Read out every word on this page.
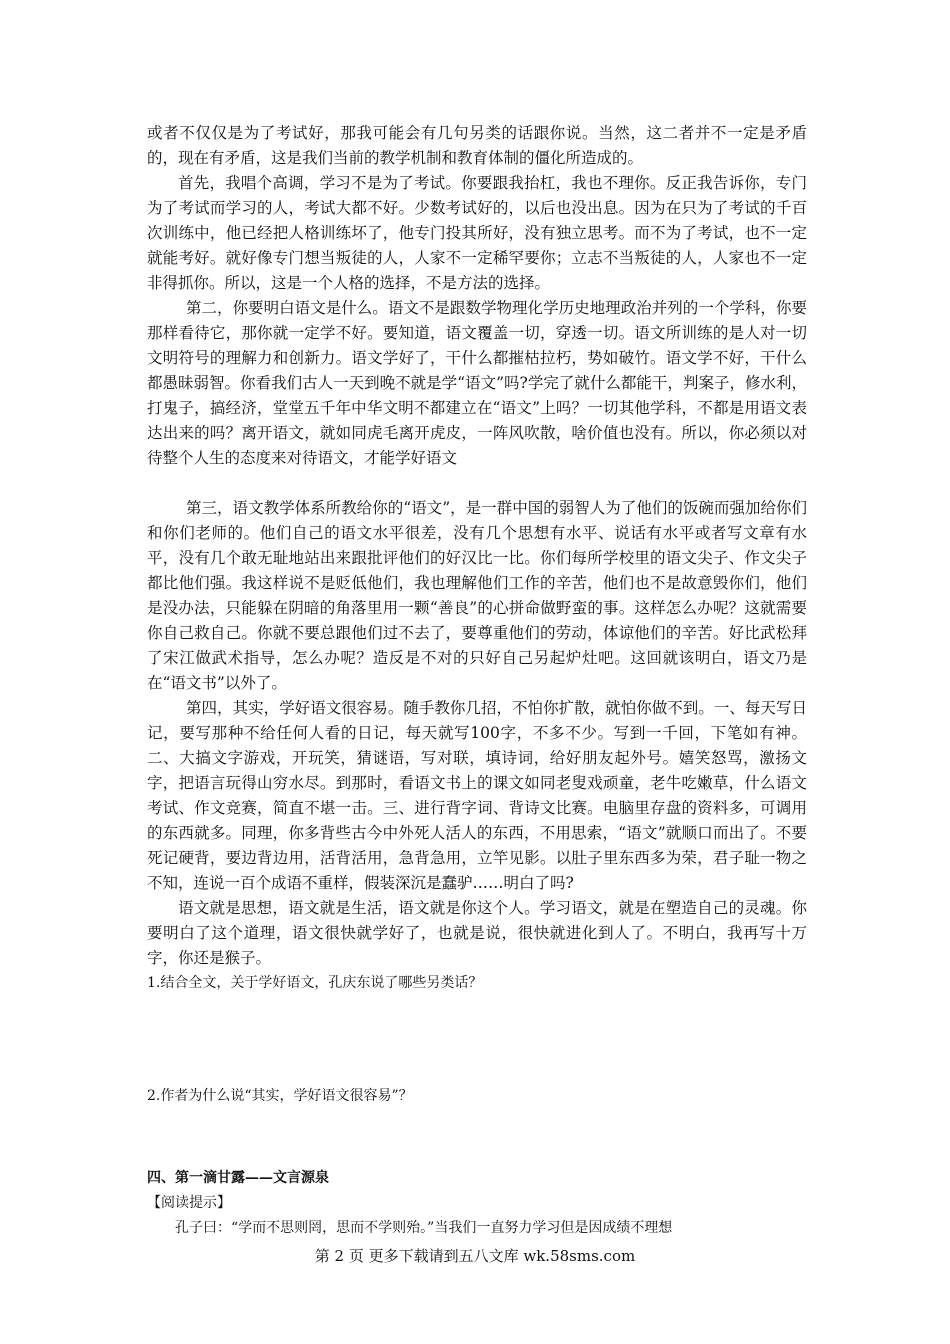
或者不仅仅是为了考试好，那我可能会有几句另类的话跟你说。当然，这二者并不一定是矛盾的，现在有矛盾，这是我们当前的教学机制和教育体制的僵化所造成的。

首先，我唱个高调，学习不是为了考试。你要跟我抬杠，我也不理你。反正我告诉你，专门为了考试而学习的人，考试大都不好。少数考试好的，以后也没出息。因为在只为了考试的千百次训练中，他已经把人格训练坏了，他专门投其所好，没有独立思考。而不为了考试，也不一定就能考好。就好像专门想当叛徒的人，人家不一定稀罕要你；立志不当叛徒的人，人家也不一定非得抓你。所以，这是一个人格的选择，不是方法的选择。

第二，你要明白语文是什么。语文不是跟数学物理化学历史地理政治并列的一个学科，你要那样看待它，那你就一定学不好。要知道，语文覆盖一切，穿透一切。语文所训练的是人对一切文明符号的理解力和创新力。语文学好了，干什么都摧枯拉朽，势如破竹。语文学不好，干什么都愚昧弱智。你看我们古人一天到晚不就是学“语文”吗?学完了就什么都能干，判案子，修水利，打鬼子，搞经济，堂堂五千年中华文明不都建立在“语文”上吗？一切其他学科，不都是用语文表达出来的吗？离开语文，就如同虎毛离开虎皮，一阵风吹散，啥价值也没有。所以，你必须以对待整个人生的态度来对待语文，才能学好语文

第三，语文教学体系所教给你的“语文”，是一群中国的弱智人为了他们的饭碗而强加给你们和你们老师的。他们自己的语文水平很差，没有几个思想有水平、说话有水平或者写文章有水平，没有几个敢无耻地站出来跟批评他们的好汉比一比。你们每所学校里的语文尖子、作文尖子都比他们强。我这样说不是贬低他们，我也理解他们工作的辛苦，他们也不是故意毁你们，他们是没办法，只能躲在阴暗的角落里用一颗“善良”的心拼命做野蛮的事。这样怎么办呢？这就需要你自己救自己。你就不要总跟他们过不去了，要尊重他们的劳动，体谅他们的辛苦。好比武松拜了宋江做武术指导，怎么办呢？造反是不对的只好自己另起炉灶吧。这回就该明白，语文乃是在“语文书”以外了。

第四，其实，学好语文很容易。随手教你几招，不怕你扩散，就怕你做不到。一、每天写日记，要写那种不给任何人看的日记，每天就写100字，不多不少。写到一千回，下笔如有神。二、大搞文字游戏，开玩笑，猜谜语，写对联，填诗词，给好朋友起外号。嬉笑怒骂，激扬文字，把语言玩得山穷水尽。到那时，看语文书上的课文如同老叟戏顽童，老牛吃嫩草，什么语文考试、作文竞赛，简直不堪一击。三、进行背字词、背诗文比赛。电脑里存盘的资料多，可调用的东西就多。同理，你多背些古今中外死人活人的东西，不用思索，“语文”就顺口而出了。不要死记硬背，要边背边用，活背活用，急背急用，立竿见影。以肚子里东西多为荣，君子耻一物之不知，连说一百个成语不重样，假装深沉是蠢驴……明白了吗?

语文就是思想，语文就是生活，语文就是你这个人。学习语文，就是在塑造自己的灵魂。你要明白了这个道理，语文很快就学好了，也就是说，很快就进化到人了。不明白，我再写十万字，你还是猴子。

1.结合全文，关于学好语文，孔庆东说了哪些另类话？
2.作者为什么说“其实，学好语文很容易”？
四、第一滴甘露——文言源泉
【阅读提示】
孔子曰：“学而不思则罔，思而不学则殆。”当我们一直努力学习但是因成绩不理想
第 2 页 更多下载请到五八文库 wk.58sms.com
